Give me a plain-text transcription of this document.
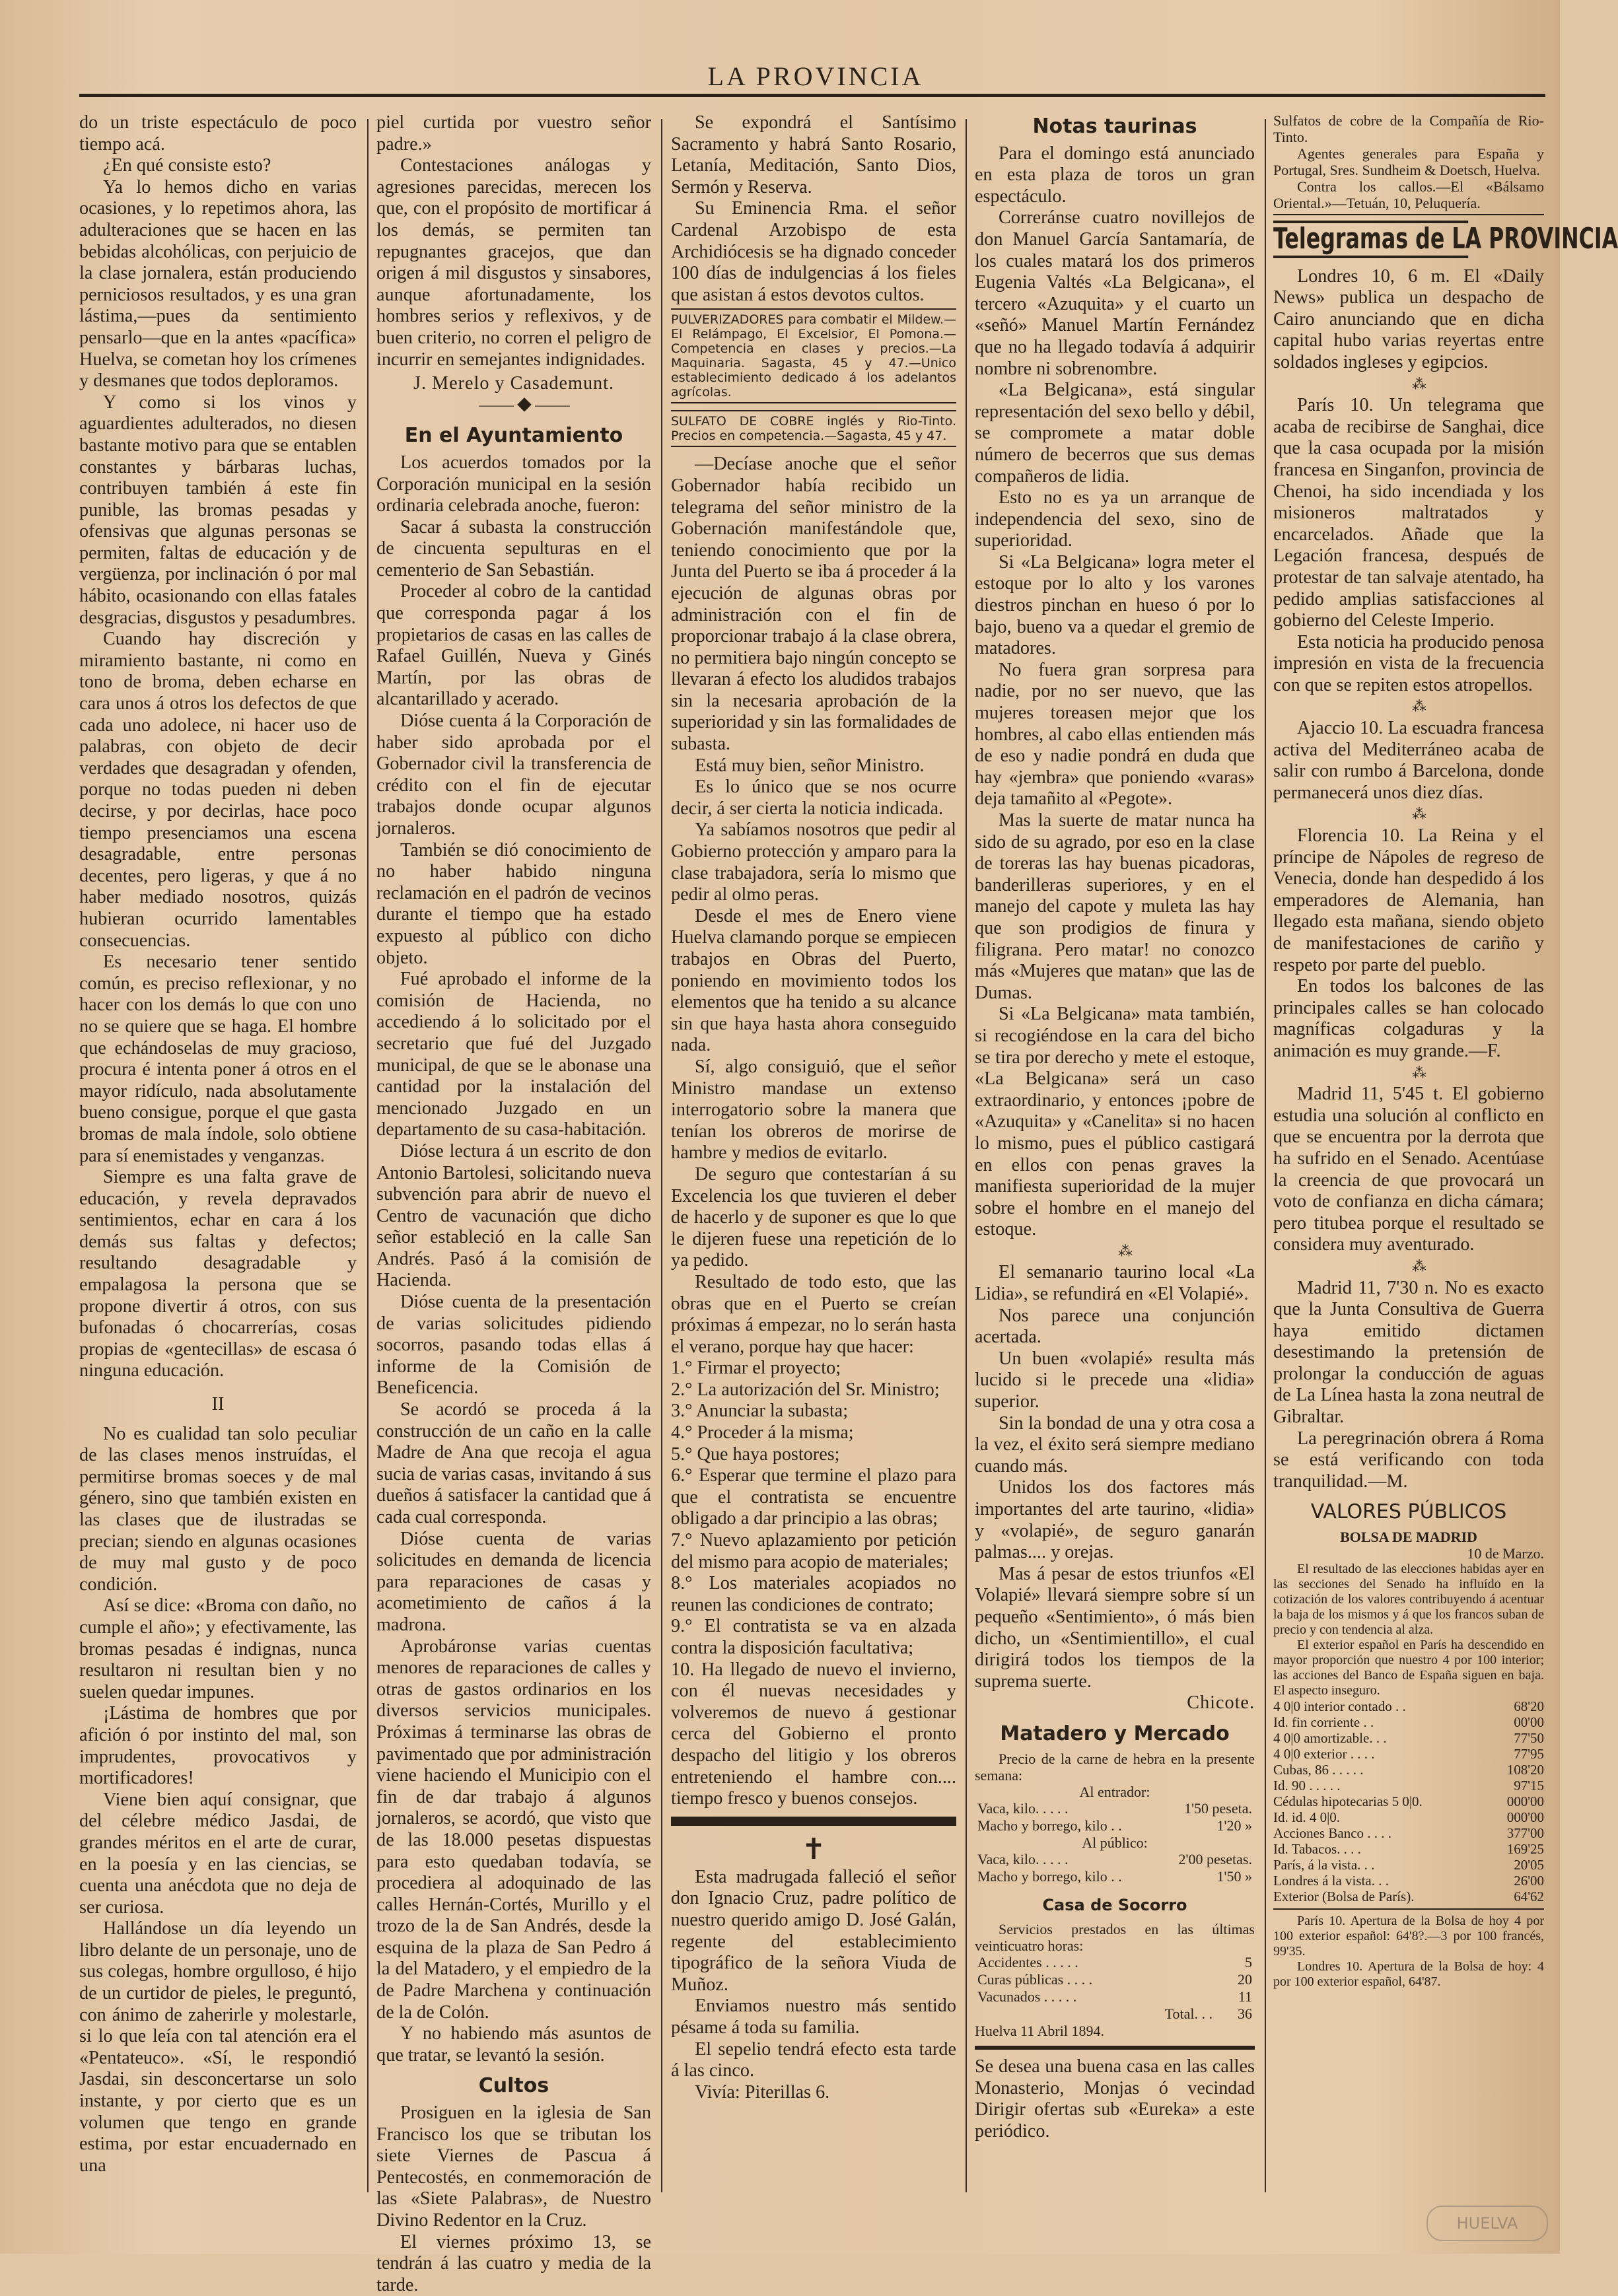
LA PROVINCIA

do un triste espectáculo de poco tiempo acá.

¿En qué consiste esto?

Ya lo hemos dicho en varias ocasiones, y lo repetimos ahora, las adulteraciones que se hacen en las bebidas alcohólicas, con perjuicio de la clase jornalera, están produciendo perniciosos resultados, y es una gran lástima,—pues da sentimiento pensarlo—que en la antes «pacífica» Huelva, se cometan hoy los crímenes y desmanes que todos deploramos.

Y como si los vinos y aguardientes adulterados, no diesen bastante motivo para que se entablen constantes y bárbaras luchas, contribuyen también á este fin punible, las bromas pesadas y ofensivas que algunas personas se permiten, faltas de educación y de vergüenza, por inclinación ó por mal hábito, ocasionando con ellas fatales desgracias, disgustos y pesadumbres.

Cuando hay discreción y miramiento bastante, ni como en tono de broma, deben echarse en cara unos á otros los defectos de que cada uno adolece, ni hacer uso de palabras, con objeto de decir verdades que desagradan y ofenden, porque no todas pueden ni deben decirse, y por decirlas, hace poco tiempo presenciamos una escena desagradable, entre personas decentes, pero ligeras, y que á no haber mediado nosotros, quizás hubieran ocurrido lamentables consecuencias.

Es necesario tener sentido común, es preciso reflexionar, y no hacer con los demás lo que con uno no se quiere que se haga. El hombre que echándoselas de muy gracioso, procura é intenta poner á otros en el mayor ridículo, nada absolutamente bueno consigue, porque el que gasta bromas de mala índole, solo obtiene para sí enemistades y venganzas.

Siempre es una falta grave de educación, y revela depravados sentimientos, echar en cara á los demás sus faltas y defectos; resultando desagradable y empalagosa la persona que se propone divertir á otros, con sus bufonadas ó chocarrerías, cosas propias de «gentecillas» de escasa ó ninguna educación.

II

No es cualidad tan solo peculiar de las clases menos instruídas, el permitirse bromas soeces y de mal género, sino que también existen en las clases que de ilustradas se precian; siendo en algunas ocasiones de muy mal gusto y de poco condición.

Así se dice: «Broma con daño, no cumple el año»; y efectivamente, las bromas pesadas é indignas, nunca resultaron ni resultan bien y no suelen quedar impunes.

¡Lástima de hombres que por afición ó por instinto del mal, son imprudentes, provocativos y mortificadores!

Viene bien aquí consignar, que del célebre médico Jasdai, de grandes méritos en el arte de curar, en la poesía y en las ciencias, se cuenta una anécdota que no deja de ser curiosa.

Hallándose un día leyendo un libro delante de un personaje, uno de sus colegas, hombre orgulloso, é hijo de un curtidor de pieles, le preguntó, con ánimo de zaherirle y molestarle, si lo que leía con tal atención era el «Pentateuco». «Sí, le respondió Jasdai, sin desconcertarse un solo instante, y por cierto que es un volumen que tengo en grande estima, por estar encuadernado en una

piel curtida por vuestro señor padre.»

Contestaciones análogas y agresiones parecidas, merecen los que, con el propósito de mortificar á los demás, se permiten tan repugnantes gracejos, que dan origen á mil disgustos y sinsabores, aunque afortunadamente, los hombres serios y reflexivos, y de buen criterio, no corren el peligro de incurrir en semejantes indignidades.

J. Merelo y Casademunt.

⸻◆⸻

En el Ayuntamiento

Los acuerdos tomados por la Corporación municipal en la sesión ordinaria celebrada anoche, fueron:

Sacar á subasta la construcción de cincuenta sepulturas en el cementerio de San Sebastián.

Proceder al cobro de la cantidad que corresponda pagar á los propietarios de casas en las calles de Rafael Guillén, Nueva y Ginés Martín, por las obras de alcantarillado y acerado.

Dióse cuenta á la Corporación de haber sido aprobada por el Gobernador civil la transferencia de crédito con el fin de ejecutar trabajos donde ocupar algunos jornaleros.

También se dió conocimiento de no haber habido ninguna reclamación en el padrón de vecinos durante el tiempo que ha estado expuesto al público con dicho objeto.

Fué aprobado el informe de la comisión de Hacienda, no accediendo á lo solicitado por el secretario que fué del Juzgado municipal, de que se le abonase una cantidad por la instalación del mencionado Juzgado en un departamento de su casa-habitación.

Dióse lectura á un escrito de don Antonio Bartolesi, solicitando nueva subvención para abrir de nuevo el Centro de vacunación que dicho señor estableció en la calle San Andrés. Pasó á la comisión de Hacienda.

Dióse cuenta de la presentación de varias solicitudes pidiendo socorros, pasando todas ellas á informe de la Comisión de Beneficencia.

Se acordó se proceda á la construcción de un caño en la calle Madre de Ana que recoja el agua sucia de varias casas, invitando á sus dueños á satisfacer la cantidad que á cada cual corresponda.

Dióse cuenta de varias solicitudes en demanda de licencia para reparaciones de casas y acometimiento de caños á la madrona.

Aprobáronse varias cuentas menores de reparaciones de calles y otras de gastos ordinarios en los diversos servicios municipales. Próximas á terminarse las obras de pavimentado que por administración viene haciendo el Municipio con el fin de dar trabajo á algunos jornaleros, se acordó, que visto que de las 18.000 pesetas dispuestas para esto quedaban todavía, se procediera al adoquinado de las calles Hernán-Cortés, Murillo y el trozo de la de San Andrés, desde la esquina de la plaza de San Pedro á la del Matadero, y el empiedro de la de Padre Marchena y continuación de la de Colón.

Y no habiendo más asuntos de que tratar, se levantó la sesión.

Cultos

Prosiguen en la iglesia de San Francisco los que se tributan los siete Viernes de Pascua á Pentecostés, en conmemoración de las «Siete Palabras», de Nuestro Divino Redentor en la Cruz.

El viernes próximo 13, se tendrán á las cuatro y media de la tarde.

Se expondrá el Santísimo Sacramento y habrá Santo Rosario, Letanía, Meditación, Santo Dios, Sermón y Reserva.

Su Eminencia Rma. el señor Cardenal Arzobispo de esta Archidiócesis se ha dignado conceder 100 días de indulgencias á los fieles que asistan á estos devotos cultos.

PULVERIZADORES para combatir el Mildew.—El Relámpago, El Excelsior, El Pomona.—Competencia en clases y precios.—La Maquinaria. Sagasta, 45 y 47.—Unico establecimiento dedicado á los adelantos agrícolas.
SULFATO DE COBRE inglés y Rio-Tinto. Precios en competencia.—Sagasta, 45 y 47.

—Decíase anoche que el señor Gobernador había recibido un telegrama del señor ministro de la Gobernación manifestándole que, teniendo conocimiento que por la Junta del Puerto se iba á proceder á la ejecución de algunas obras por administración con el fin de proporcionar trabajo á la clase obrera, no permitiera bajo ningún concepto se llevaran á efecto los aludidos trabajos sin la necesaria aprobación de la superioridad y sin las formalidades de subasta.

Está muy bien, señor Ministro.

Es lo único que se nos ocurre decir, á ser cierta la noticia indicada.

Ya sabíamos nosotros que pedir al Gobierno protección y amparo para la clase trabajadora, sería lo mismo que pedir al olmo peras.

Desde el mes de Enero viene Huelva clamando porque se empiecen trabajos en Obras del Puerto, poniendo en movimiento todos los elementos que ha tenido a su alcance sin que haya hasta ahora conseguido nada.

Sí, algo consiguió, que el señor Ministro mandase un extenso interrogatorio sobre la manera que tenían los obreros de morirse de hambre y medios de evitarlo.

De seguro que contestarían á su Excelencia los que tuvieren el deber de hacerlo y de suponer es que lo que le dijeren fuese una repetición de lo ya pedido.

Resultado de todo esto, que las obras que en el Puerto se creían próximas á empezar, no lo serán hasta el verano, porque hay que hacer:

1.° Firmar el proyecto;

2.° La autorización del Sr. Ministro;

3.° Anunciar la subasta;

4.° Proceder á la misma;

5.° Que haya postores;

6.° Esperar que termine el plazo para que el contratista se encuentre obligado a dar principio a las obras;

7.° Nuevo aplazamiento por petición del mismo para acopio de materiales;

8.° Los materiales acopiados no reunen las condiciones de contrato;

9.° El contratista se va en alzada contra la disposición facultativa;

10. Ha llegado de nuevo el invierno, con él nuevas necesidades y volveremos de nuevo á gestionar cerca del Gobierno el pronto despacho del litigio y los obreros entreteniendo el hambre con.... tiempo fresco y buenos consejos.

✝

Esta madrugada falleció el señor don Ignacio Cruz, padre político de nuestro querido amigo D. José Galán, regente del establecimiento tipográfico de la señora Viuda de Muñoz.

Enviamos nuestro más sentido pésame á toda su familia.

El sepelio tendrá efecto esta tarde á las cinco.

Vivía: Piterillas 6.

Notas taurinas

Para el domingo está anunciado en esta plaza de toros un gran espectáculo.

Correránse cuatro novillejos de don Manuel García Santamaría, de los cuales matará los dos primeros Eugenia Valtés «La Belgicana», el tercero «Azuquita» y el cuarto un «señó» Manuel Martín Fernández que no ha llegado todavía á adquirir nombre ni sobrenombre.

«La Belgicana», está singular representación del sexo bello y débil, se compromete a matar doble número de becerros que sus demas compañeros de lidia.

Esto no es ya un arranque de independencia del sexo, sino de superioridad.

Si «La Belgicana» logra meter el estoque por lo alto y los varones diestros pinchan en hueso ó por lo bajo, bueno va a quedar el gremio de matadores.

No fuera gran sorpresa para nadie, por no ser nuevo, que las mujeres toreasen mejor que los hombres, al cabo ellas entienden más de eso y nadie pondrá en duda que hay «jembra» que poniendo «varas» deja tamañito al «Pegote».

Mas la suerte de matar nunca ha sido de su agrado, por eso en la clase de toreras las hay buenas picadoras, banderilleras superiores, y en el manejo del capote y muleta las hay que son prodigios de finura y filigrana. Pero matar! no conozco más «Mujeres que matan» que las de Dumas.

Si «La Belgicana» mata también, si recogiéndose en la cara del bicho se tira por derecho y mete el estoque, «La Belgicana» será un caso extraordinario, y entonces ¡pobre de «Azuquita» y «Canelita» si no hacen lo mismo, pues el público castigará en ellos con penas graves la manifiesta superioridad de la mujer sobre el hombre en el manejo del estoque.

⁂

El semanario taurino local «La Lidia», se refundirá en «El Volapié».

Nos parece una conjunción acertada.

Un buen «volapié» resulta más lucido si le precede una «lidia» superior.

Sin la bondad de una y otra cosa a la vez, el éxito será siempre mediano cuando más.

Unidos los dos factores más importantes del arte taurino, «lidia» y «volapié», de seguro ganarán palmas.... y orejas.

Mas á pesar de estos triunfos «El Volapié» llevará siempre sobre sí un pequeño «Sentimiento», ó más bien dicho, un «Sentimientillo», el cual dirigirá todos los tiempos de la suprema suerte.

Chicote.

Matadero y Mercado

Precio de la carne de hebra en la presente semana:

Al entrador:

Vaca, kilo. . . . .	1'50 peseta.
Macho y borrego, kilo . .	1'20 »

Al público:

Vaca, kilo. . . . .	2'00 pesetas.
Macho y borrego, kilo . .	1'50 »

Casa de Socorro

Servicios prestados en las últimas veinticuatro horas:

Accidentes . . . . .	5
Curas públicas . . . .	20
Vacunados . . . . .	11
Total. . .	36

Huelva 11 Abril 1894.

Se desea una buena casa en las calles Monasterio, Monjas ó vecindad Dirigir ofertas sub «Eureka» a este periódico.

Sulfatos de cobre de la Compañía de Rio-Tinto.

Agentes generales para España y Portugal, Sres. Sundheim & Doetsch, Huelva.

Contra los callos.—El «Bálsamo Oriental.»—Tetuán, 10, Peluquería.

Telegramas de LA PROVINCIA

Londres 10, 6 m. El «Daily News» publica un despacho de Cairo anunciando que en dicha capital hubo varias reyertas entre soldados ingleses y egipcios.

⁂

París 10. Un telegrama que acaba de recibirse de Sanghai, dice que la casa ocupada por la misión francesa en Singanfon, provincia de Chenoi, ha sido incendiada y los misioneros maltratados y encarcelados. Añade que la Legación francesa, después de protestar de tan salvaje atentado, ha pedido amplias satisfacciones al gobierno del Celeste Imperio.

Esta noticia ha producido penosa impresión en vista de la frecuencia con que se repiten estos atropellos.

⁂

Ajaccio 10. La escuadra francesa activa del Mediterráneo acaba de salir con rumbo á Barcelona, donde permanecerá unos diez días.

⁂

Florencia 10. La Reina y el príncipe de Nápoles de regreso de Venecia, donde han despedido á los emperadores de Alemania, han llegado esta mañana, siendo objeto de manifestaciones de cariño y respeto por parte del pueblo.

En todos los balcones de las principales calles se han colocado magníficas colgaduras y la animación es muy grande.—F.

⁂

Madrid 11, 5'45 t. El gobierno estudia una solución al conflicto en que se encuentra por la derrota que ha sufrido en el Senado. Acentúase la creencia de que provocará un voto de confianza en dicha cámara; pero titubea porque el resultado se considera muy aventurado.

⁂

Madrid 11, 7'30 n. No es exacto que la Junta Consultiva de Guerra haya emitido dictamen desestimando la pretensión de prolongar la conducción de aguas de La Línea hasta la zona neutral de Gibraltar.

La peregrinación obrera á Roma se está verificando con toda tranquilidad.—M.

VALORES PÚBLICOS

BOLSA DE MADRID

10 de Marzo.

El resultado de las elecciones habidas ayer en las secciones del Senado ha influído en la cotización de los valores contribuyendo á acentuar la baja de los mismos y á que los francos suban de precio y con tendencia al alza.

El exterior español en París ha descendido en mayor proporción que nuestro 4 por 100 interior; las acciones del Banco de España siguen en baja. El aspecto inseguro.

4 0|0 interior contado . .	68'20
Id. fin corriente . .	00'00
4 0|0 amortizable. . .	77'50
4 0|0 exterior . . . .	77'95
Cubas, 86 . . . . .	108'20
Id. 90 . . . . .	97'15
Cédulas hipotecarias 5 0|0.	000'00
Id. id. 4 0|0.	000'00
Acciones Banco . . . .	377'00
Id. Tabacos. . . .	169'25
París, á la vista. . .	20'05
Londres á la vista. . .	26'00
Exterior (Bolsa de París).	64'62

París 10. Apertura de la Bolsa de hoy 4 por 100 exterior español: 64'8?.—3 por 100 francés, 99'35.

Londres 10. Apertura de la Bolsa de hoy: 4 por 100 exterior español, 64'87.

HUELVA
